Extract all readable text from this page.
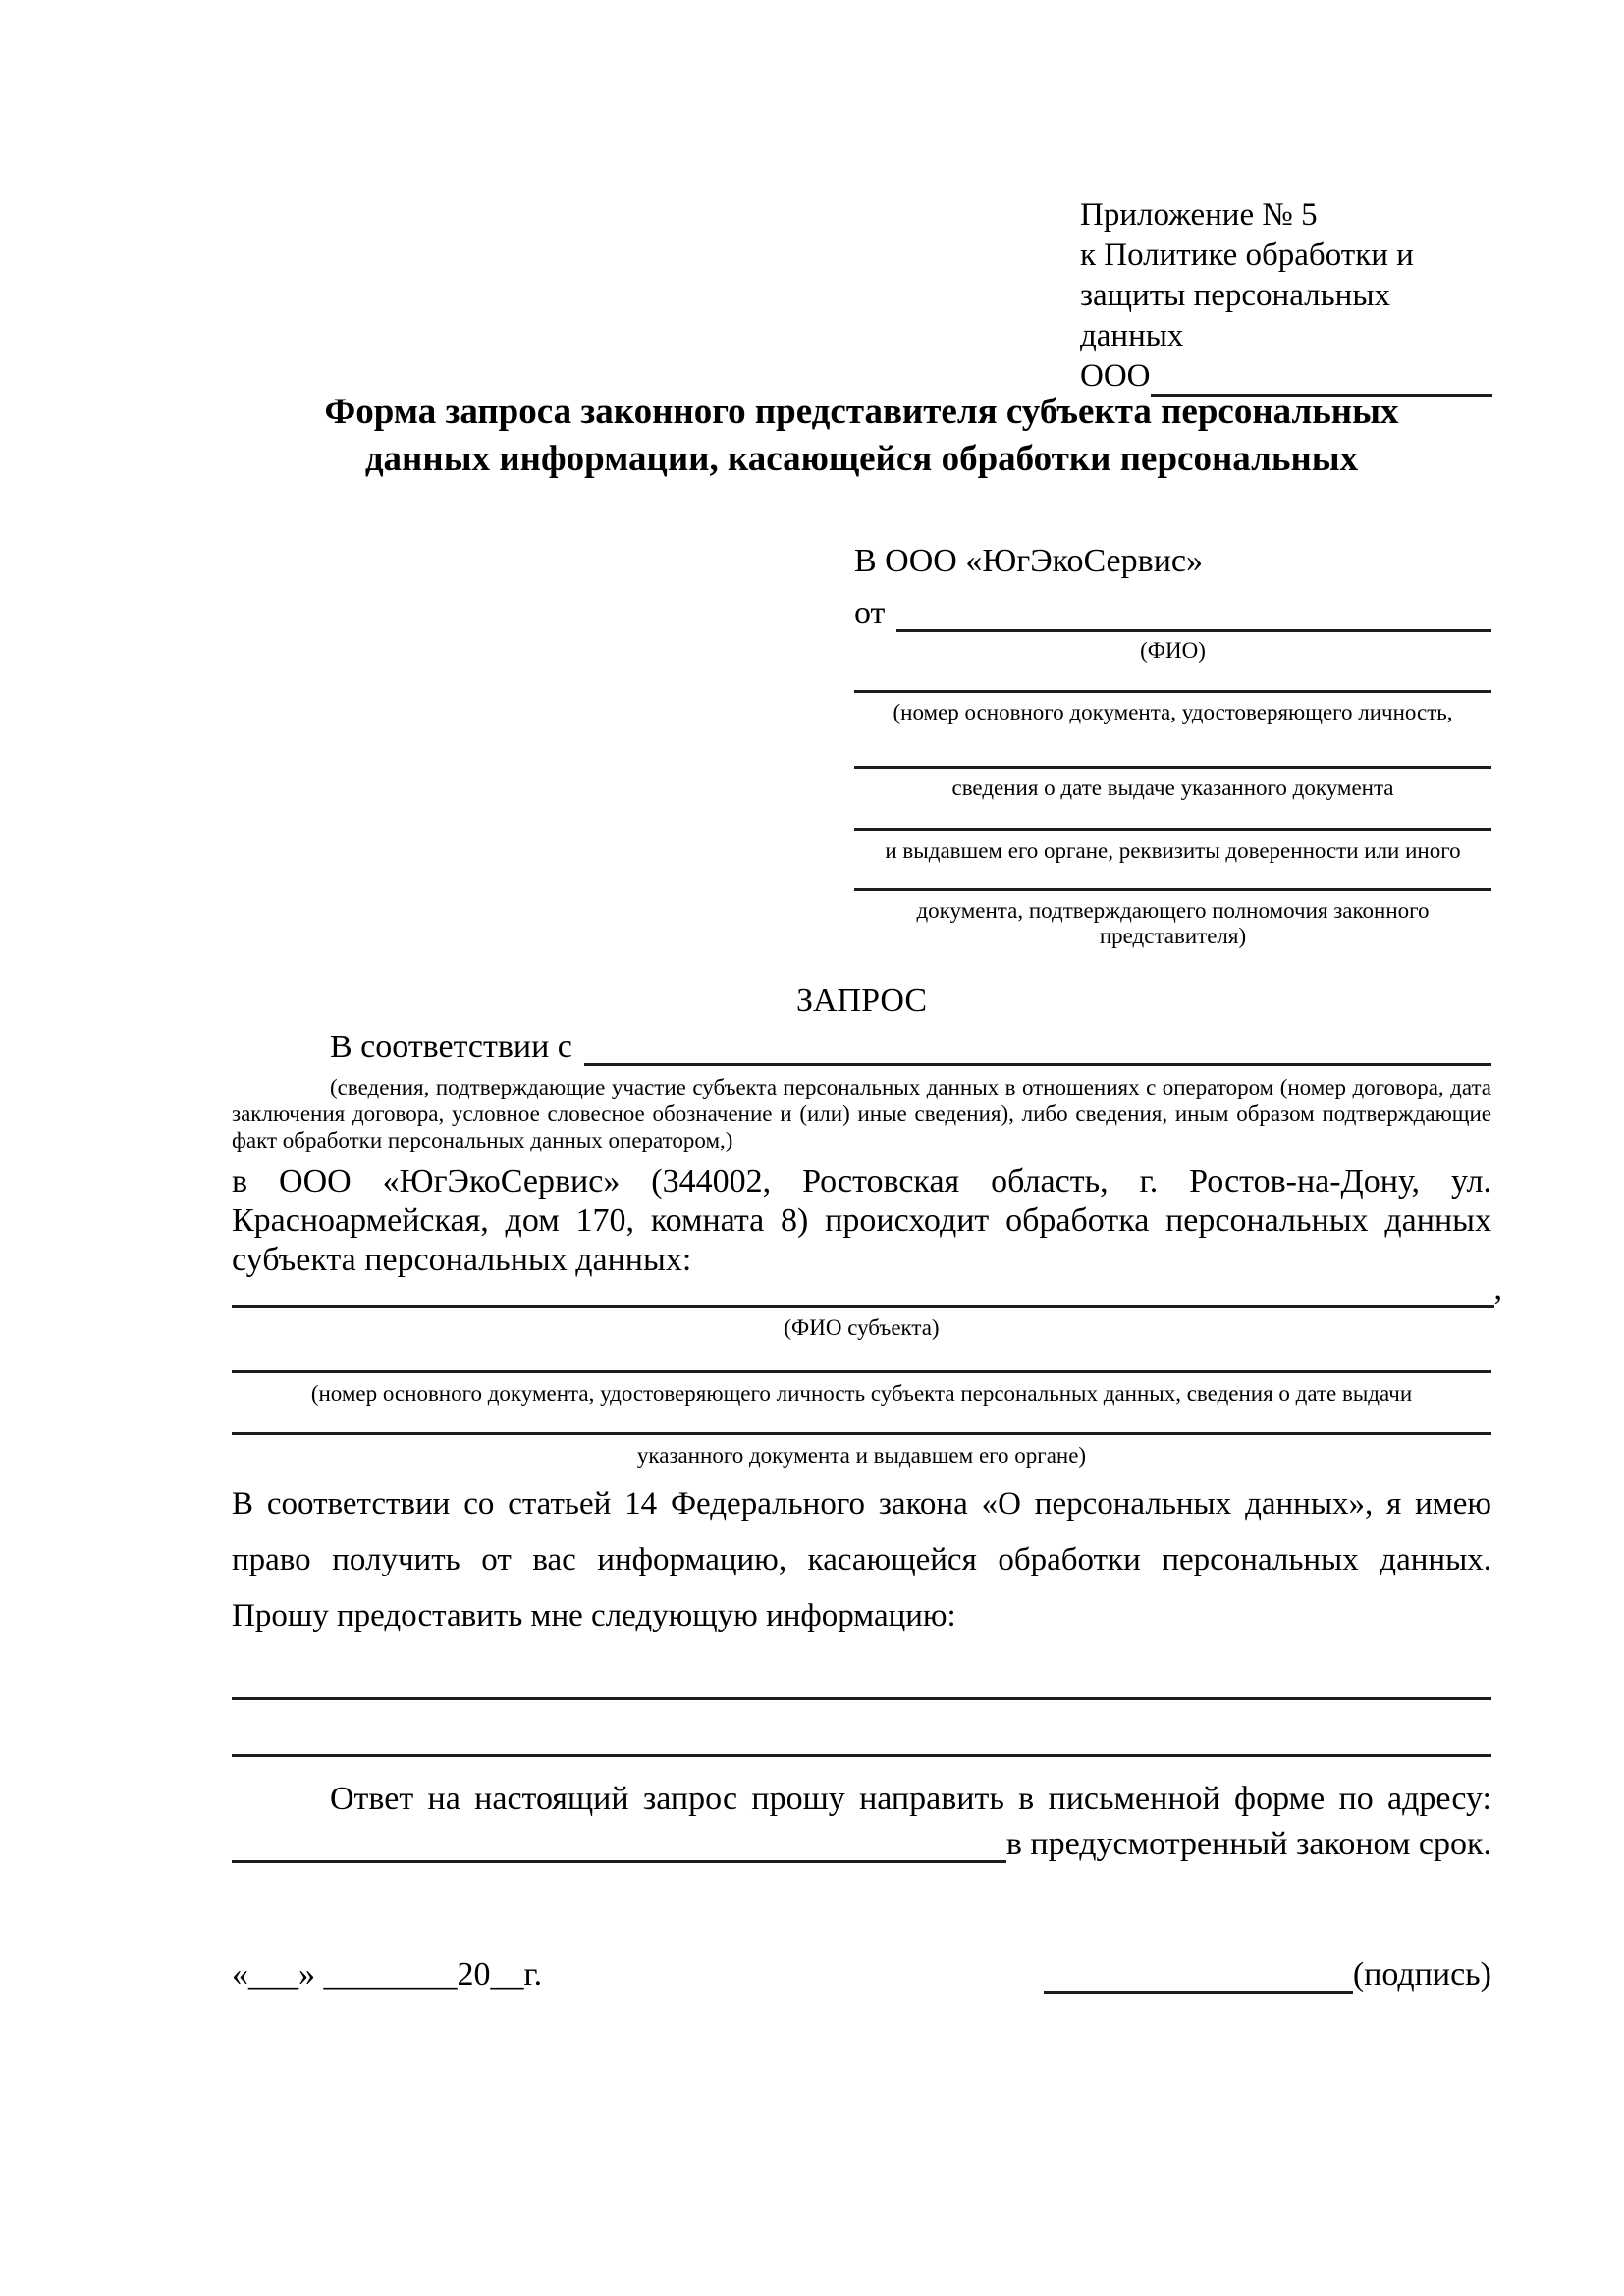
Приложение № 5
к Политике обработки и
защиты персональных данных
ООО
Форма запроса законного представителя субъекта персональных
данных информации, касающейся обработки персональных
В ООО «ЮгЭкоСервис»
от
(ФИО)
(номер основного документа, удостоверяющего личность,
сведения о дате выдаче указанного документа
и выдавшем его органе, реквизиты доверенности или иного
документа, подтверждающего полномочия законного представителя)
ЗАПРОС
В соответствии с
(сведения, подтверждающие участие субъекта персональных данных в отношениях с оператором (номер договора, дата заключения договора, условное словесное обозначение и (или) иные сведения), либо сведения, иным образом подтверждающие факт обработки персональных данных оператором,)
в ООО «ЮгЭкоСервис» (344002, Ростовская область, г. Ростов-на-Дону, ул. Красноармейская, дом 170, комната 8) происходит обработка персональных данных субъекта персональных данных:
,
(ФИО субъекта)
(номер основного документа, удостоверяющего личность субъекта персональных данных, сведения о дате выдачи
указанного документа и выдавшем его органе)
В соответствии со статьей 14 Федерального закона «О персональных данных», я имею право получить от вас информацию, касающейся обработки персональных данных. Прошу предоставить мне следующую информацию:
Ответ на настоящий запрос прошу направить в письменной форме по адресу:
в предусмотренный законом срок.
«___» ________20__г.	(подпись)
